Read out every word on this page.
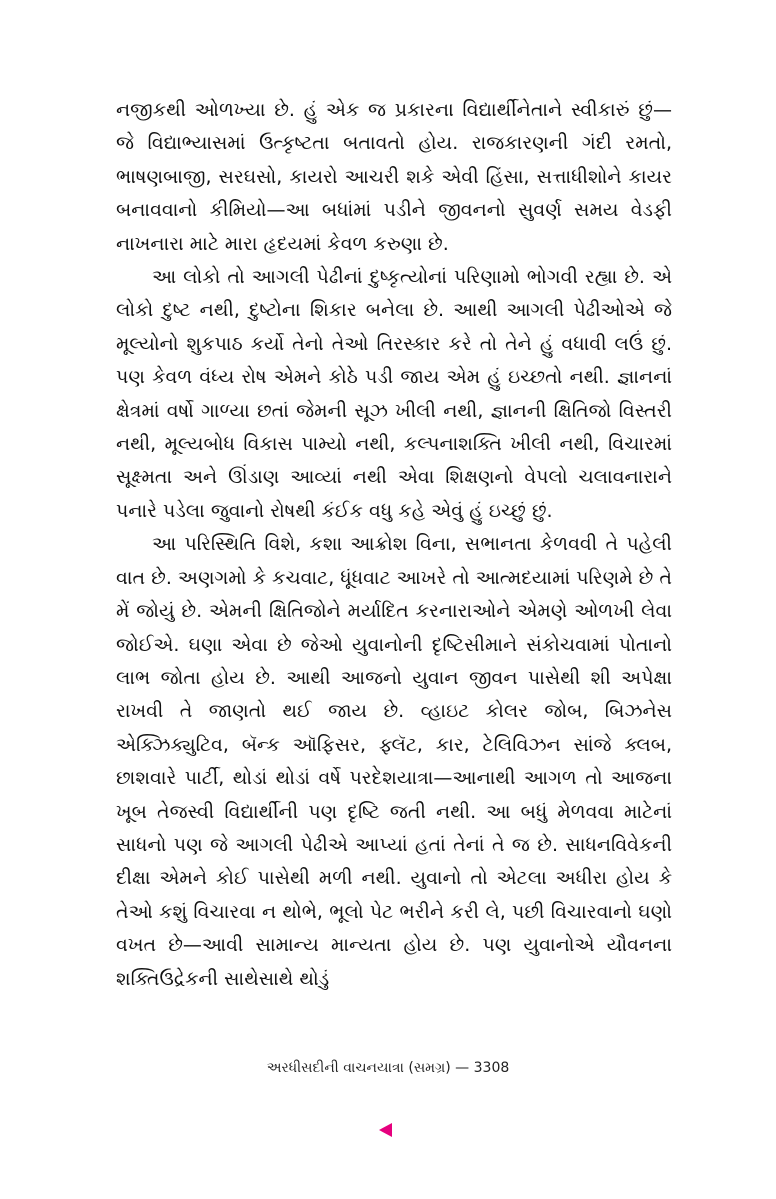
નજીકથી ઓળખ્યા છે. હું એક જ પ્રકારના વિદ્યાર્થીનેતાને સ્વીકારું છું— જે વિદ્યાભ્યાસમાં ઉત્કૃષ્ટતા બતાવતો હોય. રાજકારણની ગંદી રમતો, ભાષણબાજી, સરઘસો, કાયરો આચરી શકે એવી હિંસા, સત્તાધીશોને કાયર બનાવવાનો કીમિયો—આ બધાંમાં પડીને જીવનનો સુવર્ણ સમય વેડફી નાખનારા માટે મારા હૃદયમાં કેવળ કરુણા છે.

આ લોકો તો આગલી પેઢીનાં દુષ્કૃત્યોનાં પરિણામો ભોગવી રહ્યા છે. એ લોકો દુષ્ટ નથી, દુષ્ટોના શિકાર બનેલા છે. આથી આગલી પેઢીઓએ જે મૂલ્યોનો શુકપાઠ કર્યો તેનો તેઓ તિરસ્કાર કરે તો તેને હું વધાવી લઉં છું. પણ કેવળ વંધ્ય રોષ એમને કોઠે પડી જાય એમ હું ઇચ્છતો નથી. જ્ઞાનનાં ક્ષેત્રમાં વર્ષો ગાળ્યા છતાં જેમની સૂઝ ખીલી નથી, જ્ઞાનની ક્ષિતિજો વિસ્તરી નથી, મૂલ્યબોધ વિકાસ પામ્યો નથી, કલ્પનાશક્તિ ખીલી નથી, વિચારમાં સૂક્ષ્મતા અને ઊંડાણ આવ્યાં નથી એવા શિક્ષણનો વેપલો ચલાવનારાને પનારે પડેલા જુવાનો રોષથી કંઈક વધુ કહે એવું હું ઇચ્છું છું.

આ પરિસ્થિતિ વિશે, કશા આક્રોશ વિના, સભાનતા કેળવવી તે પહેલી વાત છે. અણગમો કે કચવાટ, ધૂંધવાટ આખરે તો આત્મદયામાં પરિણમે છે તે મેં જોયું છે. એમની ક્ષિતિજોને મર્યાદિત કરનારાઓને એમણે ઓળખી લેવા જોઈએ. ઘણા એવા છે જેઓ યુવાનોની દૃષ્ટિસીમાને સંકોચવામાં પોતાનો લાભ જોતા હોય છે. આથી આજનો યુવાન જીવન પાસેથી શી અપેક્ષા રાખવી તે જાણતો થઈ જાય છે. વ્હાઇટ કોલર જોબ, બિઝનેસ એક્ઝિક્યુટિવ, બૅન્ક ઑફિસર, ફ્લૅટ, કાર, ટેલિવિઝન સાંજે ક્લબ, છાશવારે પાર્ટી, થોડાં થોડાં વર્ષે પરદેશયાત્રા—આનાથી આગળ તો આજના ખૂબ તેજસ્વી વિદ્યાર્થીની પણ દૃષ્ટિ જતી નથી. આ બધું મેળવવા માટેનાં સાધનો પણ જે આગલી પેઢીએ આપ્યાં હતાં તેનાં તે જ છે. સાધનવિવેકની દીક્ષા એમને કોઈ પાસેથી મળી નથી. યુવાનો તો એટલા અધીરા હોય કે તેઓ કશું વિચારવા ન થોભે, ભૂલો પેટ ભરીને કરી લે, પછી વિચારવાનો ઘણો વખત છે—આવી સામાન્ય માન્યતા હોય છે. પણ યુવાનોએ યૌવનના શક્તિઉદ્રેકની સાથેસાથે થોડું

અરધીસદીની વાચનયાત્રા (સમગ્ર) — 3308
